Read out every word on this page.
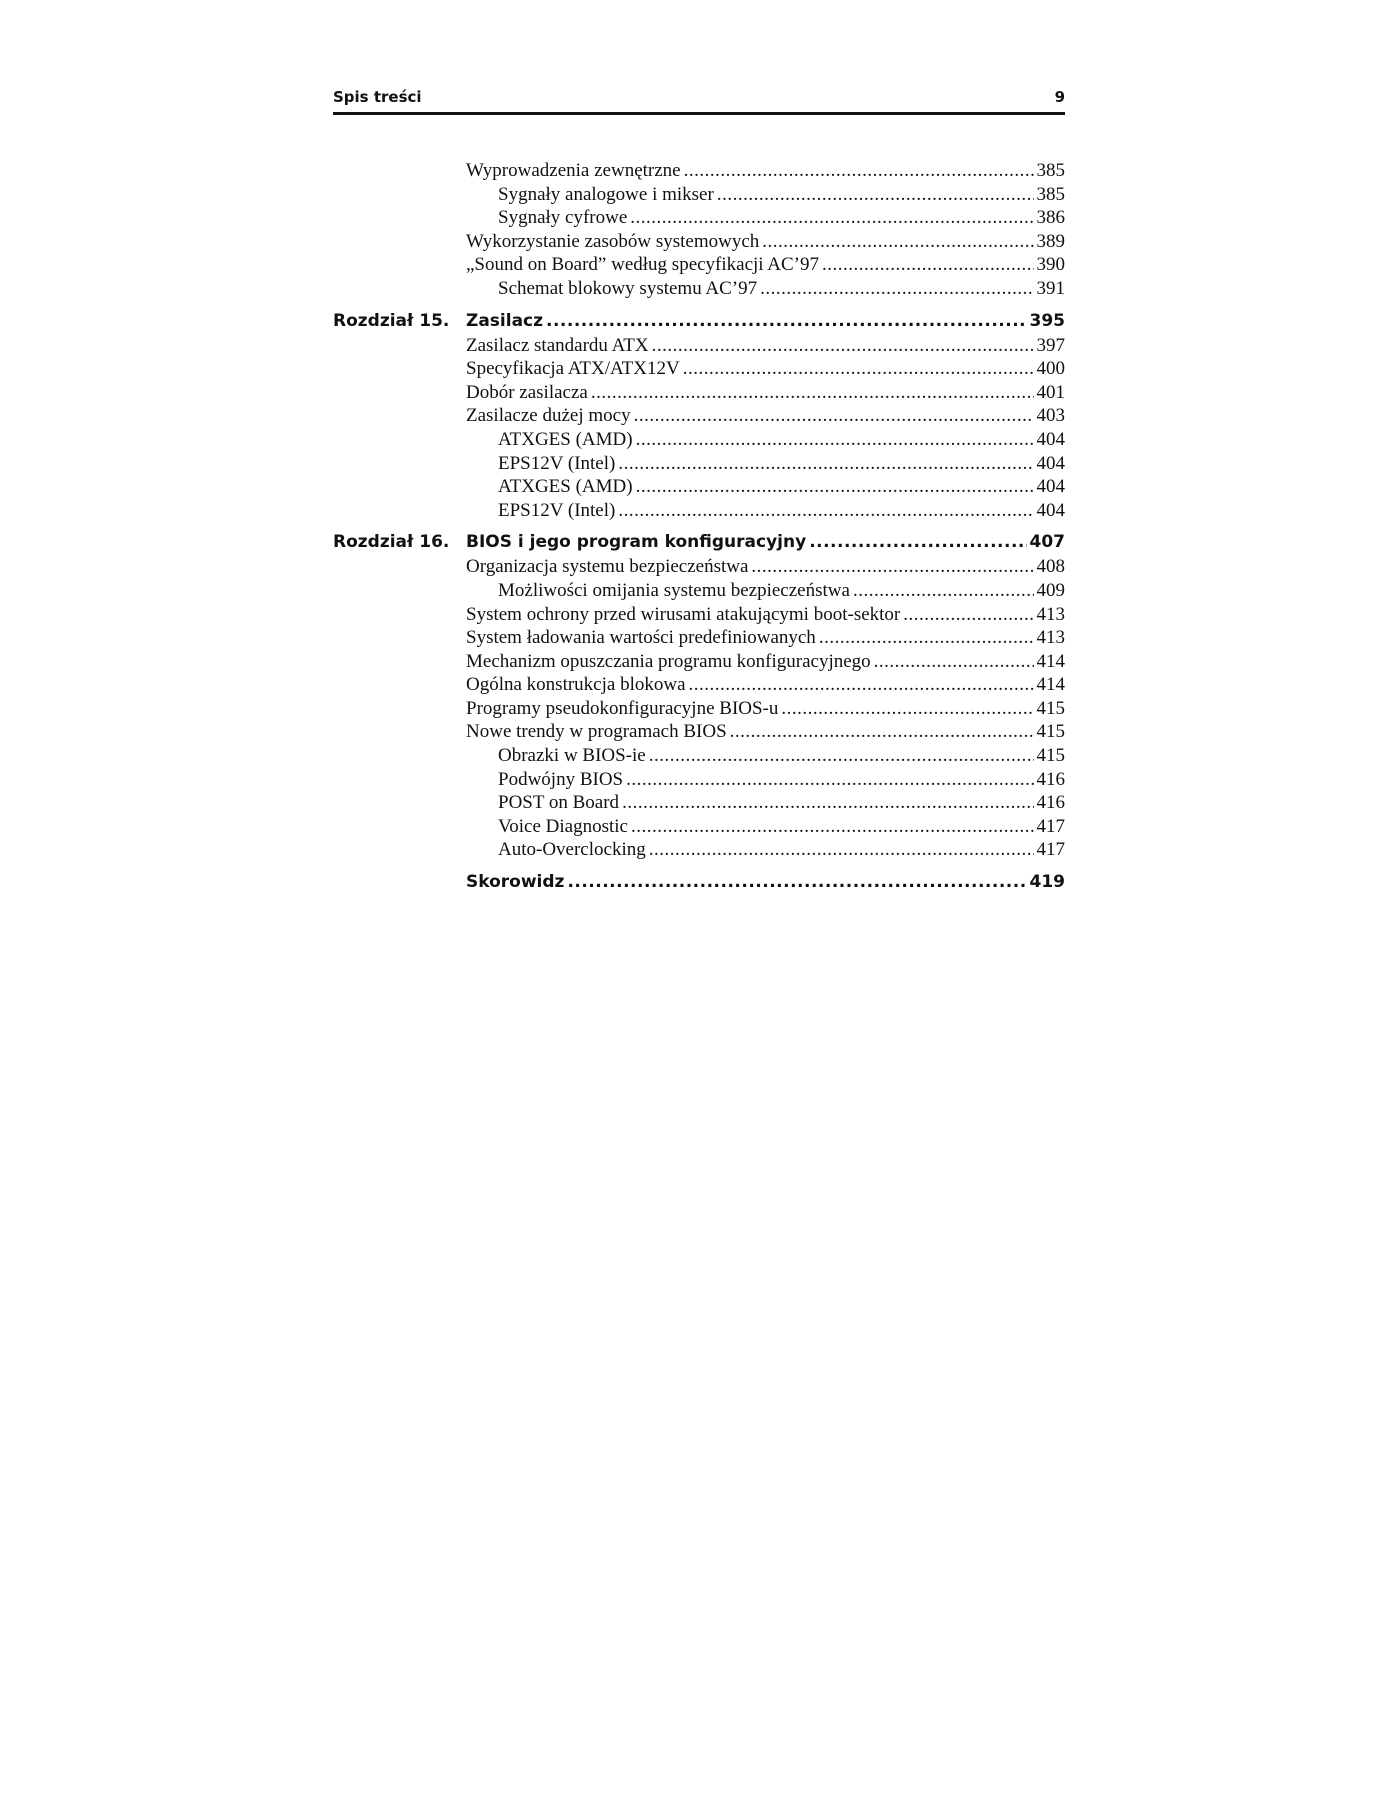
Spis treści	9
Wyprowadzenia zewnętrzne .....	385
Sygnały analogowe i mikser .....	385
Sygnały cyfrowe .....	386
Wykorzystanie zasobów systemowych .....	389
„Sound on Board” według specyfikacji AC’97 .....	390
Schemat blokowy systemu AC’97 .....	391
Rozdział 15. Zasilacz .....	395
Zasilacz standardu ATX .....	397
Specyfikacja ATX/ATX12V .....	400
Dobór zasilacza .....	401
Zasilacze dużej mocy .....	403
ATXGES (AMD) .....	404
EPS12V (Intel) .....	404
ATXGES (AMD) .....	404
EPS12V (Intel) .....	404
Rozdział 16. BIOS i jego program konfiguracyjny .....	407
Organizacja systemu bezpieczeństwa .....	408
Możliwości omijania systemu bezpieczeństwa .....	409
System ochrony przed wirusami atakującymi boot-sektor .....	413
System ładowania wartości predefiniowanych .....	413
Mechanizm opuszczania programu konfiguracyjnego .....	414
Ogólna konstrukcja blokowa .....	414
Programy pseudokonfiguracyjne BIOS-u .....	415
Nowe trendy w programach BIOS .....	415
Obrazki w BIOS-ie .....	415
Podwójny BIOS .....	416
POST on Board .....	416
Voice Diagnostic .....	417
Auto-Overclocking .....	417
Skorowidz .....	419
